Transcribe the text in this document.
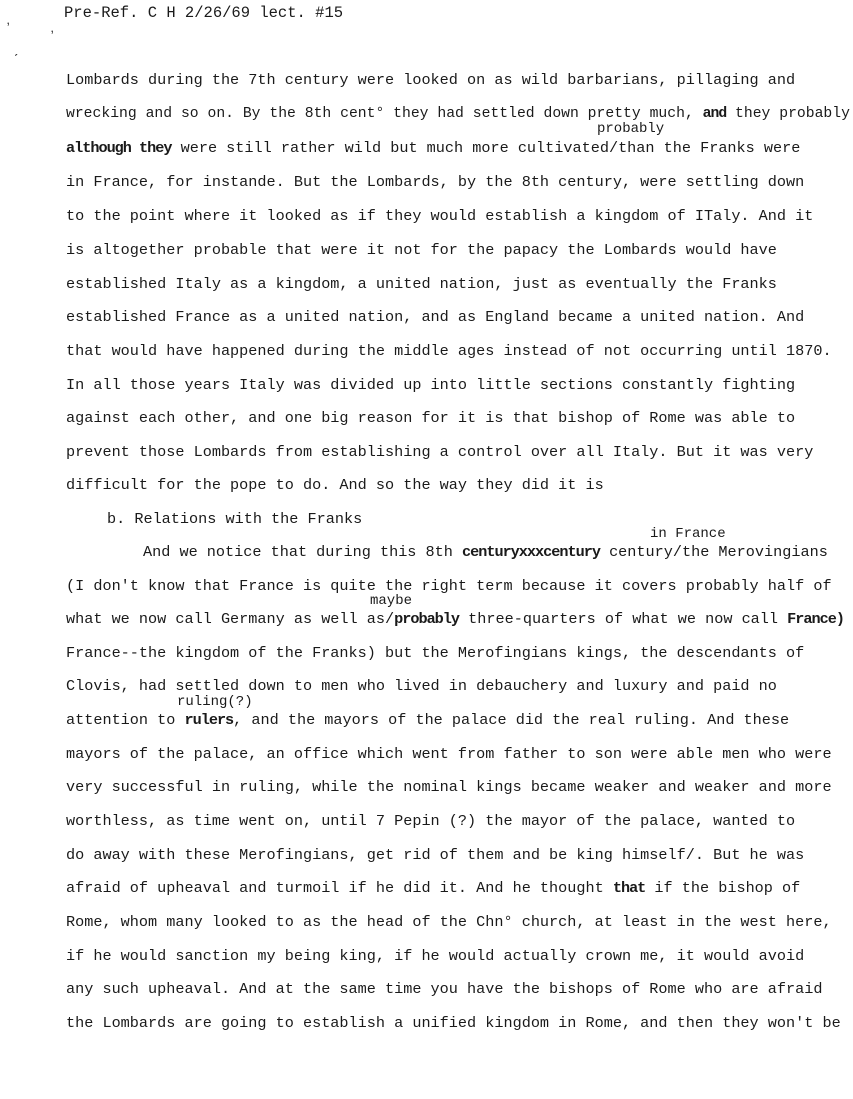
Pre-Ref. C H 2/26/69 lect. #15
ʼ	ʼ
ˏ
probably
in France
maybe
ruling(?)
Lombards during the 7th century were looked on as wild barbarians, pillaging and
wrecking and so on. By the 8th cent° they had settled down pretty much, and they probably
although they were still rather wild but much more cultivated/than the Franks were
in France, for instande. But the Lombards, by the 8th century, were settling down
to the point where it looked as if they would establish a kingdom of ITaly. And it
is altogether probable that were it not for the papacy the Lombards would have
established Italy as a kingdom, a united nation, just as eventually the Franks
established France as a united nation, and as England became a united nation. And
that would have happened during the middle ages instead of not occurring until 1870.
In all those years Italy was divided up into little sections constantly fighting
against each other, and one big reason for it is that bishop of Rome was able to
prevent those Lombards from establishing a control over all Italy. But it was very
difficult for the pope to do. And so the way they did it is
b. Relations with the Franks
And we notice that during this 8th centuryxxxcentury century/the Merovingians
(I don't know that France is quite the right term because it covers probably half of
what we now call Germany as well as/probably three-quarters of what we now call France)
France--the kingdom of the Franks) but the Merofingians kings, the descendants of
Clovis, had settled down to men who lived in debauchery and luxury and paid no
attention to rulers, and the mayors of the palace did the real ruling. And these
mayors of the palace, an office which went from father to son were able men who were
very successful in ruling, while the nominal kings became weaker and weaker and more
worthless, as time went on, until 7 Pepin (?) the mayor of the palace, wanted to
do away with these Merofingians, get rid of them and be king himself/. But he was
afraid of upheaval and turmoil if he did it. And he thought that if the bishop of
Rome, whom many looked to as the head of the Chn° church, at least in the west here,
if he would sanction my being king, if he would actually crown me, it would avoid
any such upheaval. And at the same time you have the bishops of Rome who are afraid
the Lombards are going to establish a unified kingdom in Rome, and then they won't be
